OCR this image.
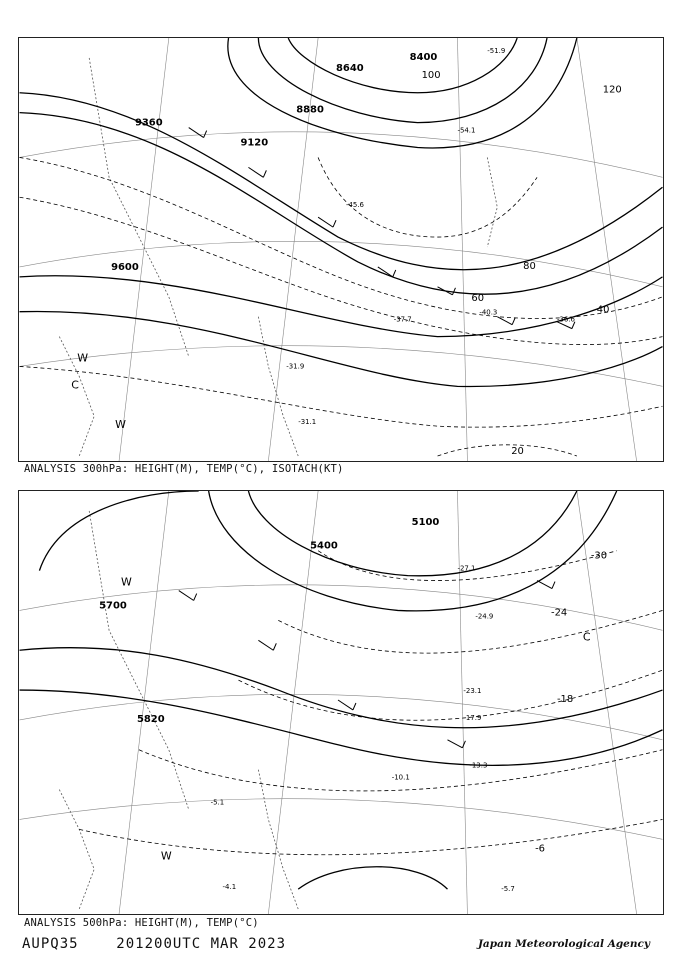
9360
9120
8880
8640
8400
9600
40
60
80
100
120
20
-51.9
-54.1
-45.6
-37.7
-31.9
-40.3
-36.6
-31.1
C
W
W
ANALYSIS 300hPa: HEIGHT(M), TEMP(°C), ISOTACH(KT)
5700
5820
5100
5400
-30
-24
-18
-6
-27.1
-24.9
-23.1
-17.9
-13.3
-10.1
-5.7
-5.1
-4.1
W
C
W
ANALYSIS 500hPa: HEIGHT(M), TEMP(°C)
AUPQ35	201200UTC MAR 2023	Japan Meteorological Agency
